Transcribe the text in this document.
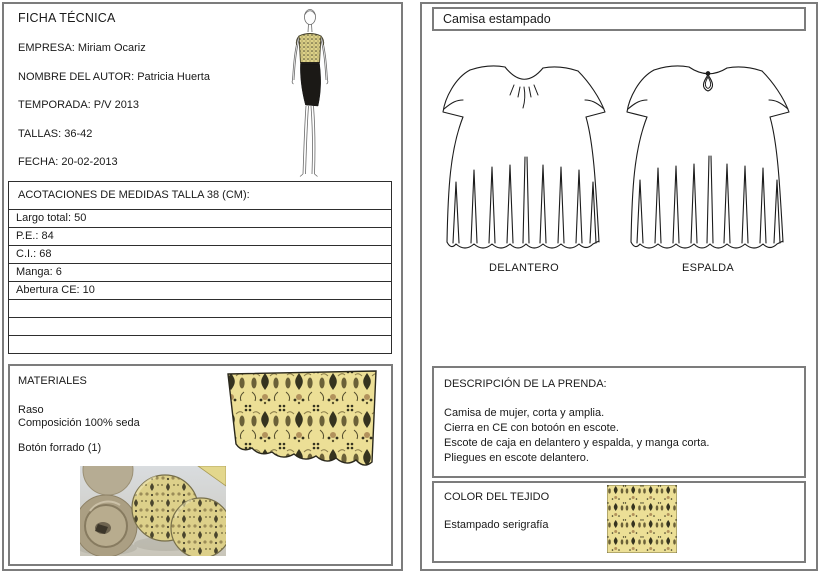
FICHA TÉCNICA
EMPRESA: Miriam Ocariz
NOMBRE DEL AUTOR: Patricia Huerta
TEMPORADA: P/V 2013
TALLAS: 36-42
FECHA: 20-02-2013
ACOTACIONES DE MEDIDAS TALLA 38 (CM):
Largo total: 50
P.E.: 84
C.I.: 68
Manga: 6
Abertura CE: 10
MATERIALES
Raso
Composición 100% seda
Botón forrado (1)
Camisa estampado
DELANTERO	ESPALDA
DESCRIPCIÓN DE LA PRENDA:
Camisa de mujer, corta y amplia.
Cierra en CE con botoón en escote.
Escote de caja en delantero y espalda, y manga corta.
Pliegues en escote delantero.
COLOR DEL TEJIDO
Estampado serigrafía
